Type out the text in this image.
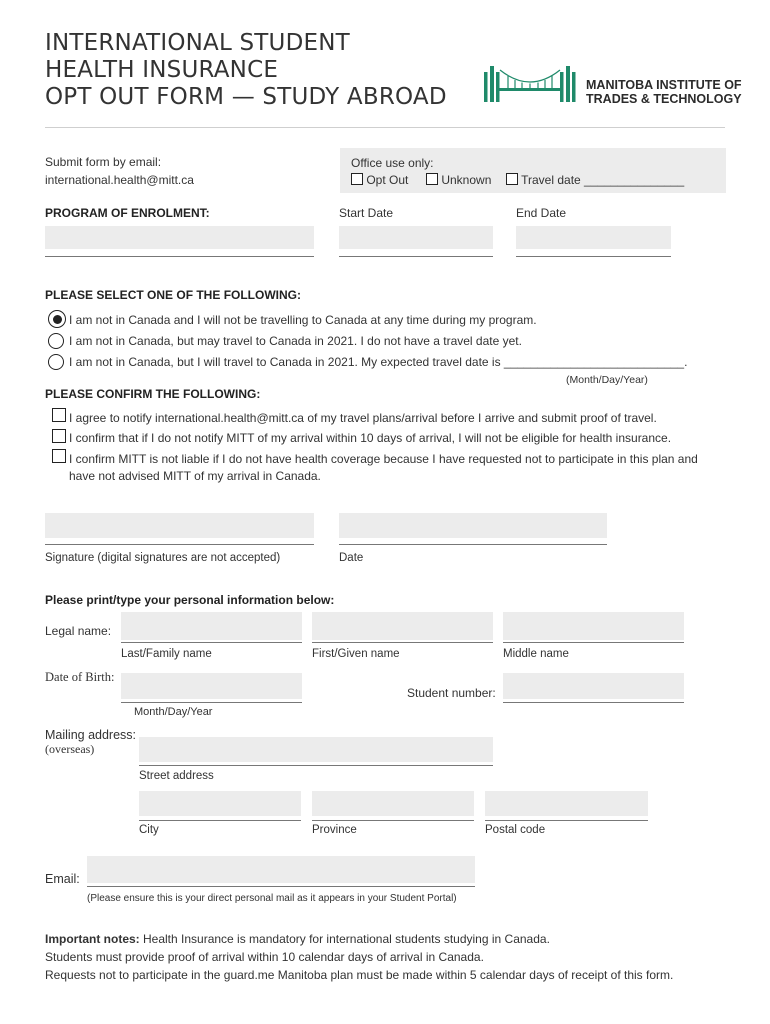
INTERNATIONAL STUDENT
HEALTH INSURANCE
OPT OUT FORM — STUDY ABROAD	MANITOBA INSTITUTE OF
TRADES & TECHNOLOGY
Submit form by email:
international.health@mitt.ca
Office use only:
Opt Out	Unknown	Travel date _______________
PROGRAM OF ENROLMENT:	Start Date	End Date
PLEASE SELECT ONE OF THE FOLLOWING:
I am not in Canada and I will not be travelling to Canada at any time during my program.
I am not in Canada, but may travel to Canada in 2021. I do not have a travel date yet.
I am not in Canada, but I will travel to Canada in 2021. My expected travel date is ___________________________.
(Month/Day/Year)
PLEASE CONFIRM THE FOLLOWING:
I agree to notify international.health@mitt.ca of my travel plans/arrival before I arrive and submit proof of travel.
I confirm that if I do not notify MITT of my arrival within 10 days of arrival, I will not be eligible for health insurance.
I confirm MITT is not liable if I do not have health coverage because I have requested not to participate in this plan and
have not advised MITT of my arrival in Canada.
Signature (digital signatures are not accepted)	Date
Please print/type your personal information below:
Legal name:
Last/Family name	First/Given name	Middle name
Date of Birth:
Month/Day/Year
Student number:
Mailing address:
(overseas)
Street address
City	Province	Postal code
Email:
(Please ensure this is your direct personal mail as it appears in your Student Portal)
Important notes: Health Insurance is mandatory for international students studying in Canada.
Students must provide proof of arrival within 10 calendar days of arrival in Canada.
Requests not to participate in the guard.me Manitoba plan must be made within 5 calendar days of receipt of this form.
